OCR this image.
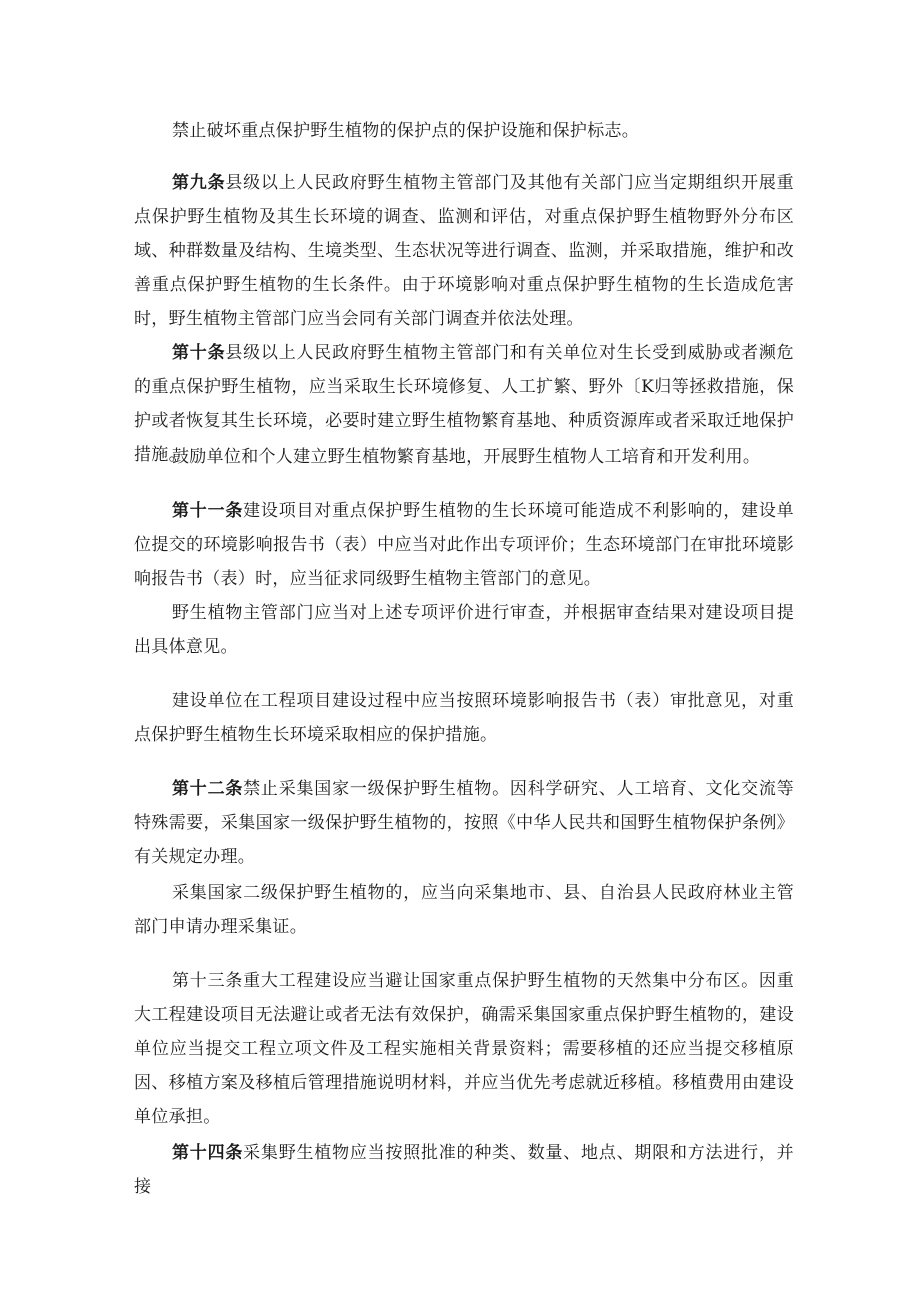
禁止破坏重点保护野生植物的保护点的保护设施和保护标志。

第九条县级以上人民政府野生植物主管部门及其他有关部门应当定期组织开展重点保护野生植物及其生长环境的调查、监测和评估，对重点保护野生植物野外分布区域、种群数量及结构、生境类型、生态状况等进行调查、监测，并采取措施，维护和改善重点保护野生植物的生长条件。由于环境影响对重点保护野生植物的生长造成危害时，野生植物主管部门应当会同有关部门调查并依法处理。

第十条县级以上人民政府野生植物主管部门和有关单位对生长受到威胁或者濒危的重点保护野生植物，应当采取生长环境修复、人工扩繁、野外〔K归等拯救措施，保护或者恢复其生长环境，必要时建立野生植物繁育基地、种质资源库或者采取迁地保护措施。

鼓励单位和个人建立野生植物繁育基地，开展野生植物人工培育和开发利用。

第十一条建设项目对重点保护野生植物的生长环境可能造成不利影响的，建设单位提交的环境影响报告书（表）中应当对此作出专项评价；生态环境部门在审批环境影响报告书（表）时，应当征求同级野生植物主管部门的意见。

野生植物主管部门应当对上述专项评价进行审查，并根据审查结果对建设项目提出具体意见。

建设单位在工程项目建设过程中应当按照环境影响报告书（表）审批意见，对重点保护野生植物生长环境采取相应的保护措施。

第十二条禁止采集国家一级保护野生植物。因科学研究、人工培育、文化交流等特殊需要，采集国家一级保护野生植物的，按照《中华人民共和国野生植物保护条例》有关规定办理。

采集国家二级保护野生植物的，应当向采集地市、县、自治县人民政府林业主管部门申请办理采集证。

第十三条重大工程建设应当避让国家重点保护野生植物的天然集中分布区。因重大工程建设项目无法避让或者无法有效保护，确需采集国家重点保护野生植物的，建设单位应当提交工程立项文件及工程实施相关背景资料；需要移植的还应当提交移植原因、移植方案及移植后管理措施说明材料，并应当优先考虑就近移植。移植费用由建设单位承担。

第十四条采集野生植物应当按照批准的种类、数量、地点、期限和方法进行，并接
